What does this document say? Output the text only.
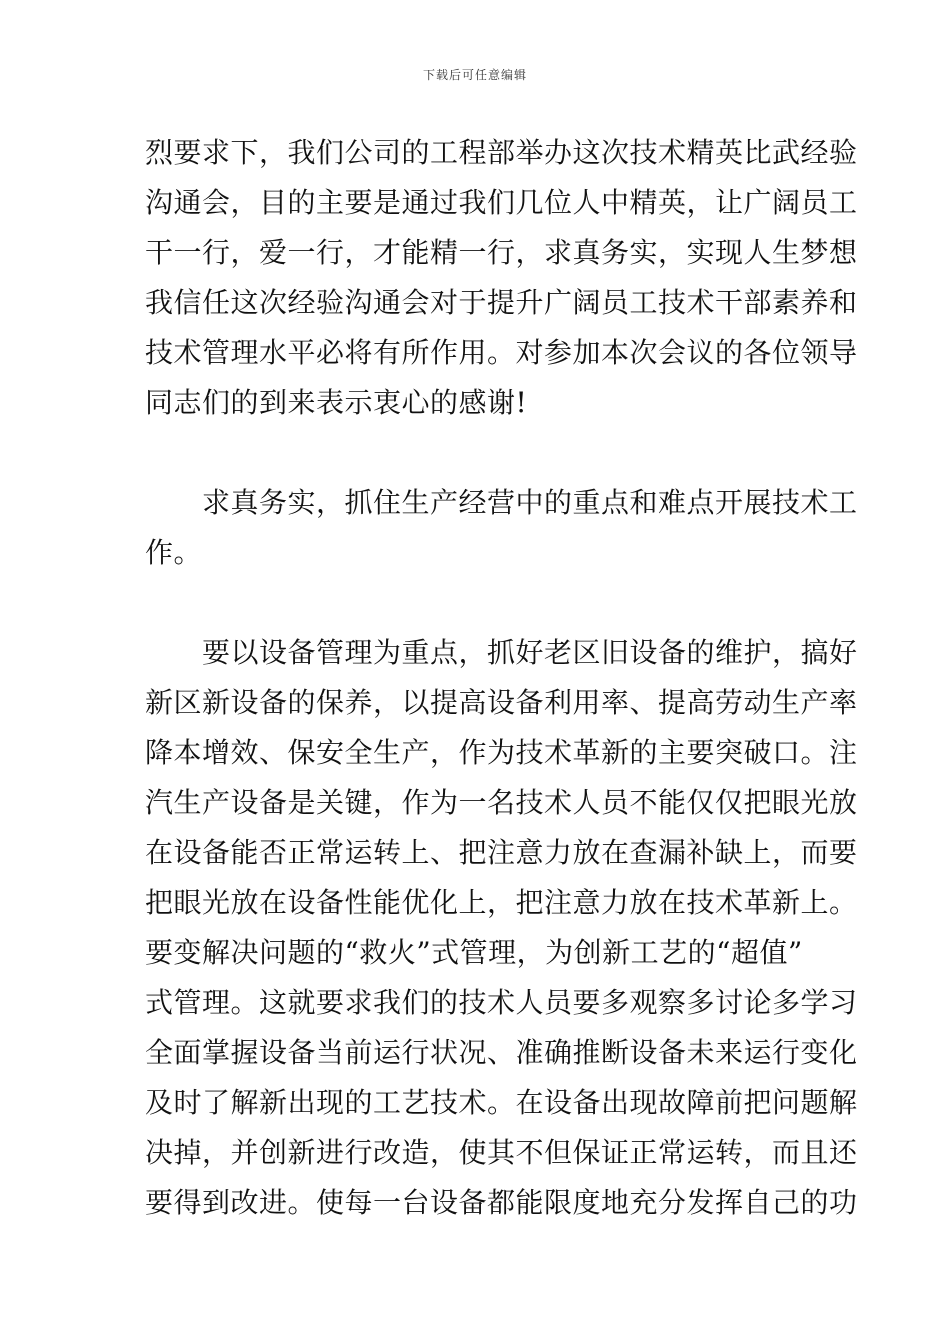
下载后可任意编辑
烈要求下，我们公司的工程部举办这次技术精英比武经验
沟通会，目的主要是通过我们几位人中精英，让广阔员工
干一行，爱一行，才能精一行，求真务实，实现人生梦想
我信任这次经验沟通会对于提升广阔员工技术干部素养和
技术管理水平必将有所作用。对参加本次会议的各位领导
同志们的到来表示衷心的感谢!
　　求真务实，抓住生产经营中的重点和难点开展技术工
作。
　　要以设备管理为重点，抓好老区旧设备的维护，搞好
新区新设备的保养，以提高设备利用率、提高劳动生产率
降本增效、保安全生产，作为技术革新的主要突破口。注
汽生产设备是关键，作为一名技术人员不能仅仅把眼光放
在设备能否正常运转上、把注意力放在查漏补缺上，而要
把眼光放在设备性能优化上，把注意力放在技术革新上。
要变解决问题的“救火”式管理，为创新工艺的“超值”
式管理。这就要求我们的技术人员要多观察多讨论多学习
全面掌握设备当前运行状况、准确推断设备未来运行变化
及时了解新出现的工艺技术。在设备出现故障前把问题解
决掉，并创新进行改造，使其不但保证正常运转，而且还
要得到改进。使每一台设备都能限度地充分发挥自己的功
